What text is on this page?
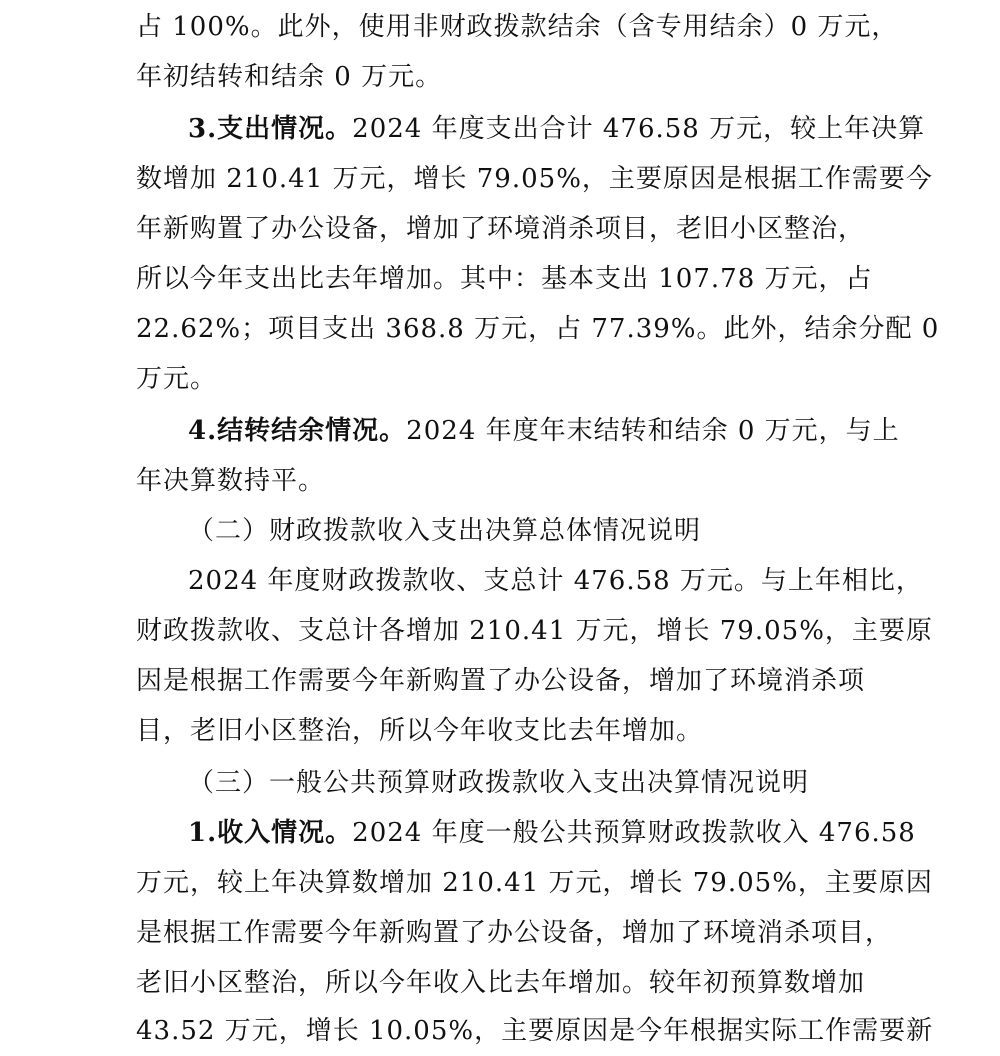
占 100%。此外，使用非财政拨款结余（含专用结余）0 万元，
年初结转和结余 0 万元。
3.支出情况。2024 年度支出合计 476.58 万元，较上年决算
数增加 210.41 万元，增长 79.05%，主要原因是根据工作需要今
年新购置了办公设备，增加了环境消杀项目，老旧小区整治，
所以今年支出比去年增加。其中：基本支出 107.78 万元，占
22.62%；项目支出 368.8 万元，占 77.39%。此外，结余分配 0
万元。
4.结转结余情况。2024 年度年末结转和结余 0 万元，与上
年决算数持平。
（二）财政拨款收入支出决算总体情况说明
2024 年度财政拨款收、支总计 476.58 万元。与上年相比，
财政拨款收、支总计各增加 210.41 万元，增长 79.05%，主要原
因是根据工作需要今年新购置了办公设备，增加了环境消杀项
目，老旧小区整治，所以今年收支比去年增加。
（三）一般公共预算财政拨款收入支出决算情况说明
1.收入情况。2024 年度一般公共预算财政拨款收入 476.58
万元，较上年决算数增加 210.41 万元，增长 79.05%，主要原因
是根据工作需要今年新购置了办公设备，增加了环境消杀项目，
老旧小区整治，所以今年收入比去年增加。较年初预算数增加
43.52 万元，增长 10.05%，主要原因是今年根据实际工作需要新
